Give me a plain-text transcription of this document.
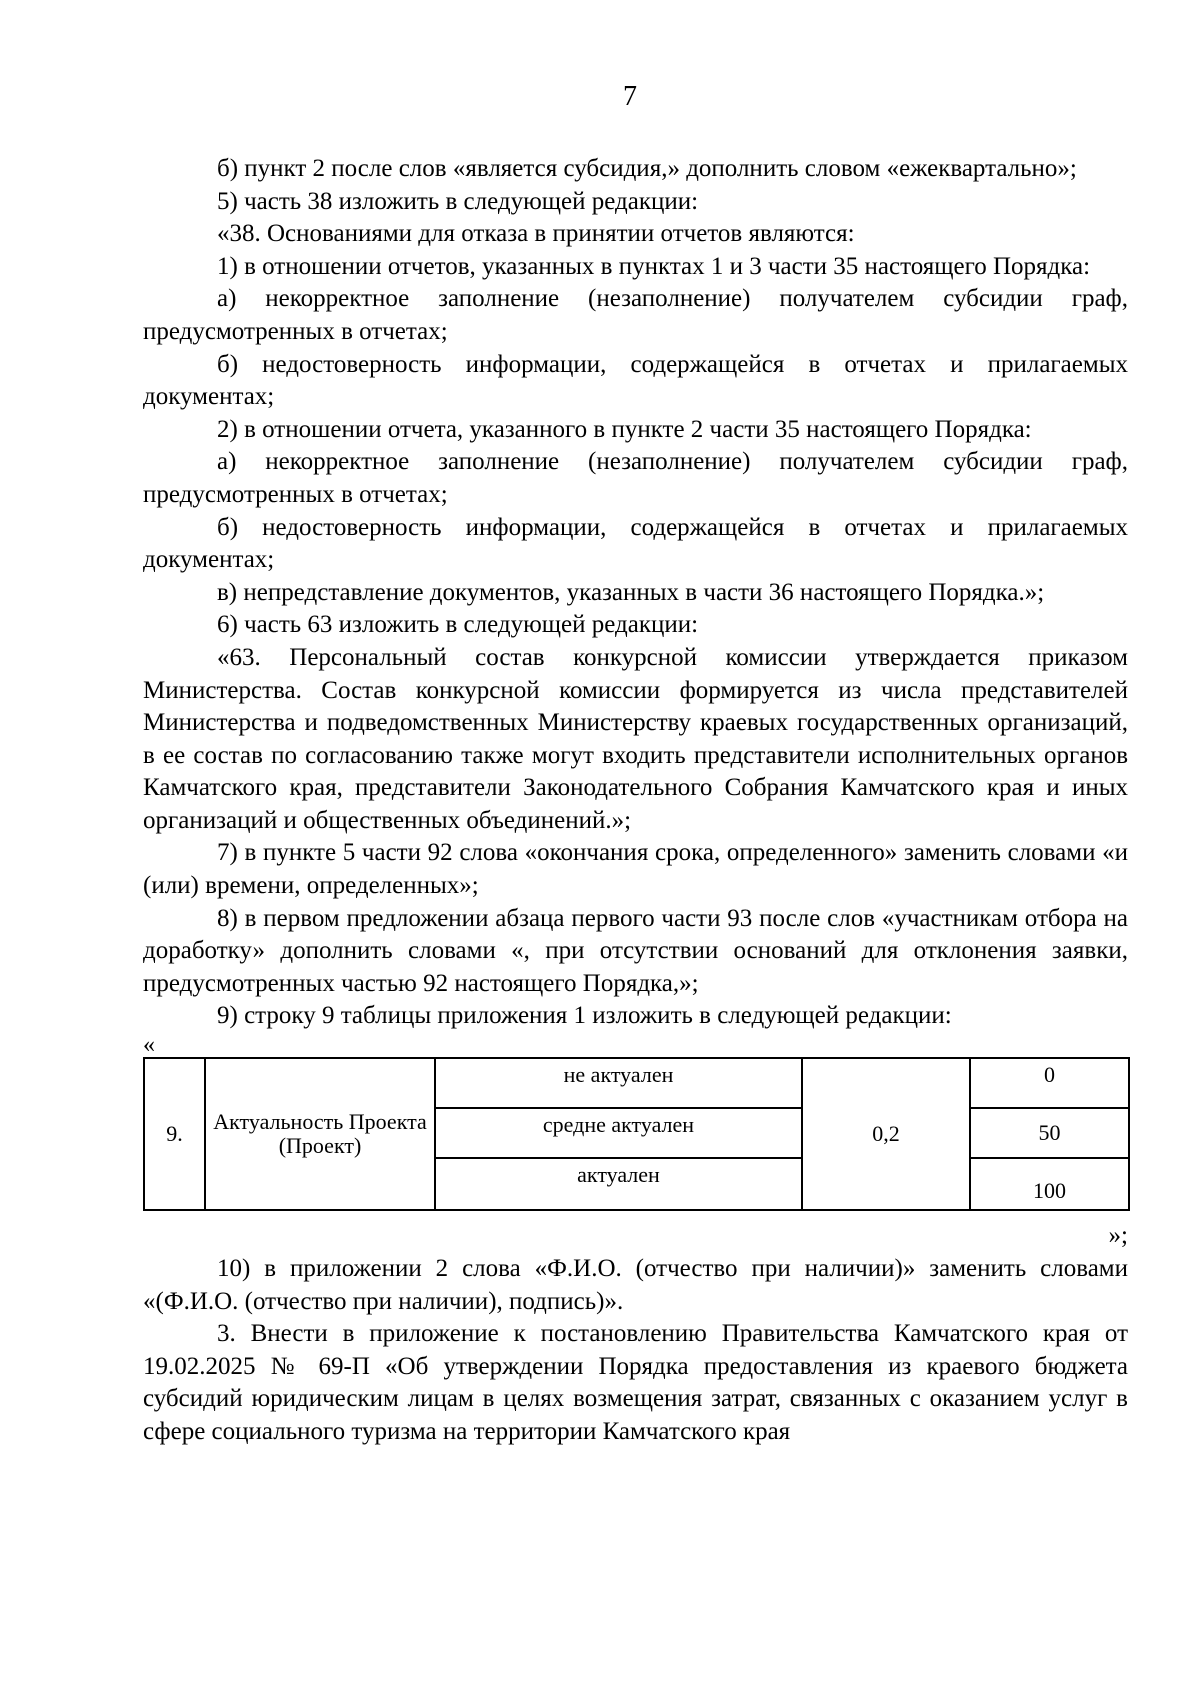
7

б) пункт 2 после слов «является субсидия,» дополнить словом «ежеквартально»;

5) часть 38 изложить в следующей редакции:

«38. Основаниями для отказа в принятии отчетов являются:

1) в отношении отчетов, указанных в пунктах 1 и 3 части 35 настоящего Порядка:

а) некорректное заполнение (незаполнение) получателем субсидии граф, предусмотренных в отчетах;

б) недостоверность информации, содержащейся в отчетах и прилагаемых документах;

2) в отношении отчета, указанного в пункте 2 части 35 настоящего Порядка:

а) некорректное заполнение (незаполнение) получателем субсидии граф, предусмотренных в отчетах;

б) недостоверность информации, содержащейся в отчетах и прилагаемых документах;

в) непредставление документов, указанных в части 36 настоящего Порядка.»;

6) часть 63 изложить в следующей редакции:

«63. Персональный состав конкурсной комиссии утверждается приказом Министерства. Состав конкурсной комиссии формируется из числа представителей Министерства и подведомственных Министерству краевых государственных организаций, в ее состав по согласованию также могут входить представители исполнительных органов Камчатского края, представители Законодательного Собрания Камчатского края и иных организаций и общественных объединений.»;

7) в пункте 5 части 92 слова «окончания срока, определенного» заменить словами «и (или) времени, определенных»;

8) в первом предложении абзаца первого части 93 после слов «участникам отбора на доработку» дополнить словами «, при отсутствии оснований для отклонения заявки, предусмотренных частью 92 настоящего Порядка,»;

9) строку 9 таблицы приложения 1 изложить в следующей редакции:

«
9.	Актуальность Проекта (Проект)	не актуален	0,2	0
		средне актуален		50
		актуален		100
»;

10) в приложении 2 слова «Ф.И.О. (отчество при наличии)» заменить словами «(Ф.И.О. (отчество при наличии), подпись)».

3. Внести в приложение к постановлению Правительства Камчатского края от 19.02.2025 № 69-П «Об утверждении Порядка предоставления из краевого бюджета субсидий юридическим лицам в целях возмещения затрат, связанных с оказанием услуг в сфере социального туризма на территории Камчатского края
